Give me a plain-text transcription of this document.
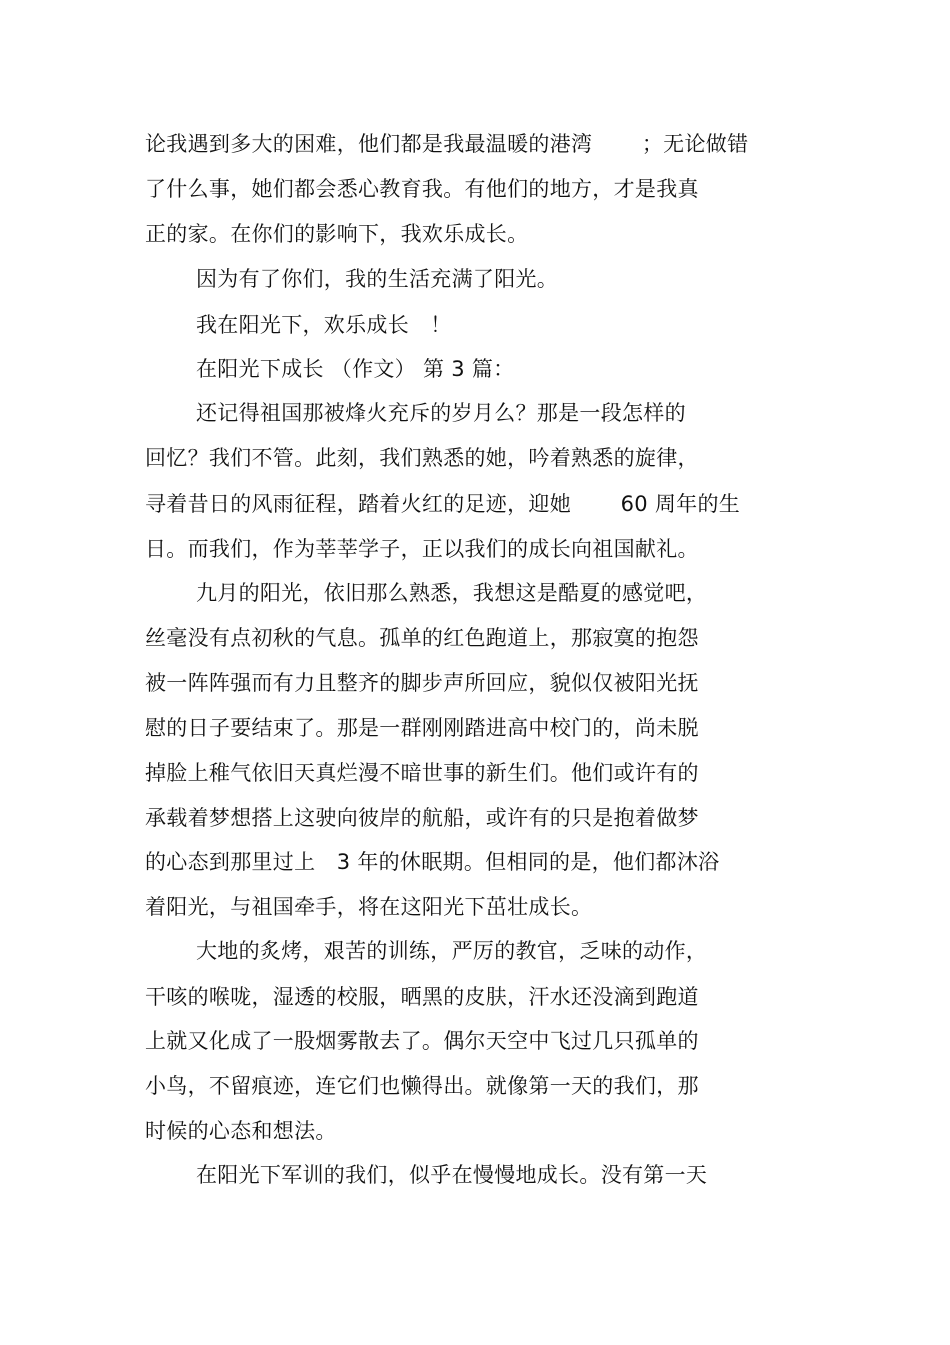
论我遇到多大的困难，他们都是我最温暖的港湾　　 ；无论做错
了什么事，她们都会悉心教育我。有他们的地方，才是我真
正的家。在你们的影响下，我欢乐成长。
因为有了你们，我的生活充满了阳光。
我在阳光下，欢乐成长　！
在阳光下成长 （作文） 第 3 篇：
还记得祖国那被烽火充斥的岁月么？那是一段怎样的
回忆？我们不管。此刻，我们熟悉的她，吟着熟悉的旋律，
寻着昔日的风雨征程，踏着火红的足迹，迎她　　 60 周年的生
日。而我们，作为莘莘学子，正以我们的成长向祖国献礼。
九月的阳光，依旧那么熟悉，我想这是酷夏的感觉吧，
丝毫没有点初秋的气息。孤单的红色跑道上，那寂寞的抱怨
被一阵阵强而有力且整齐的脚步声所回应，貌似仅被阳光抚
慰的日子要结束了。那是一群刚刚踏进高中校门的，尚未脱
掉脸上稚气依旧天真烂漫不暗世事的新生们。他们或许有的
承载着梦想搭上这驶向彼岸的航船，或许有的只是抱着做梦
的心态到那里过上　3 年的休眠期。但相同的是，他们都沐浴
着阳光，与祖国牵手，将在这阳光下茁壮成长。
大地的炙烤，艰苦的训练，严厉的教官，乏味的动作，
干咳的喉咙，湿透的校服，晒黑的皮肤，汗水还没滴到跑道
上就又化成了一股烟雾散去了。偶尔天空中飞过几只孤单的
小鸟，不留痕迹，连它们也懒得出。就像第一天的我们，那
时候的心态和想法。
在阳光下军训的我们，似乎在慢慢地成长。没有第一天
